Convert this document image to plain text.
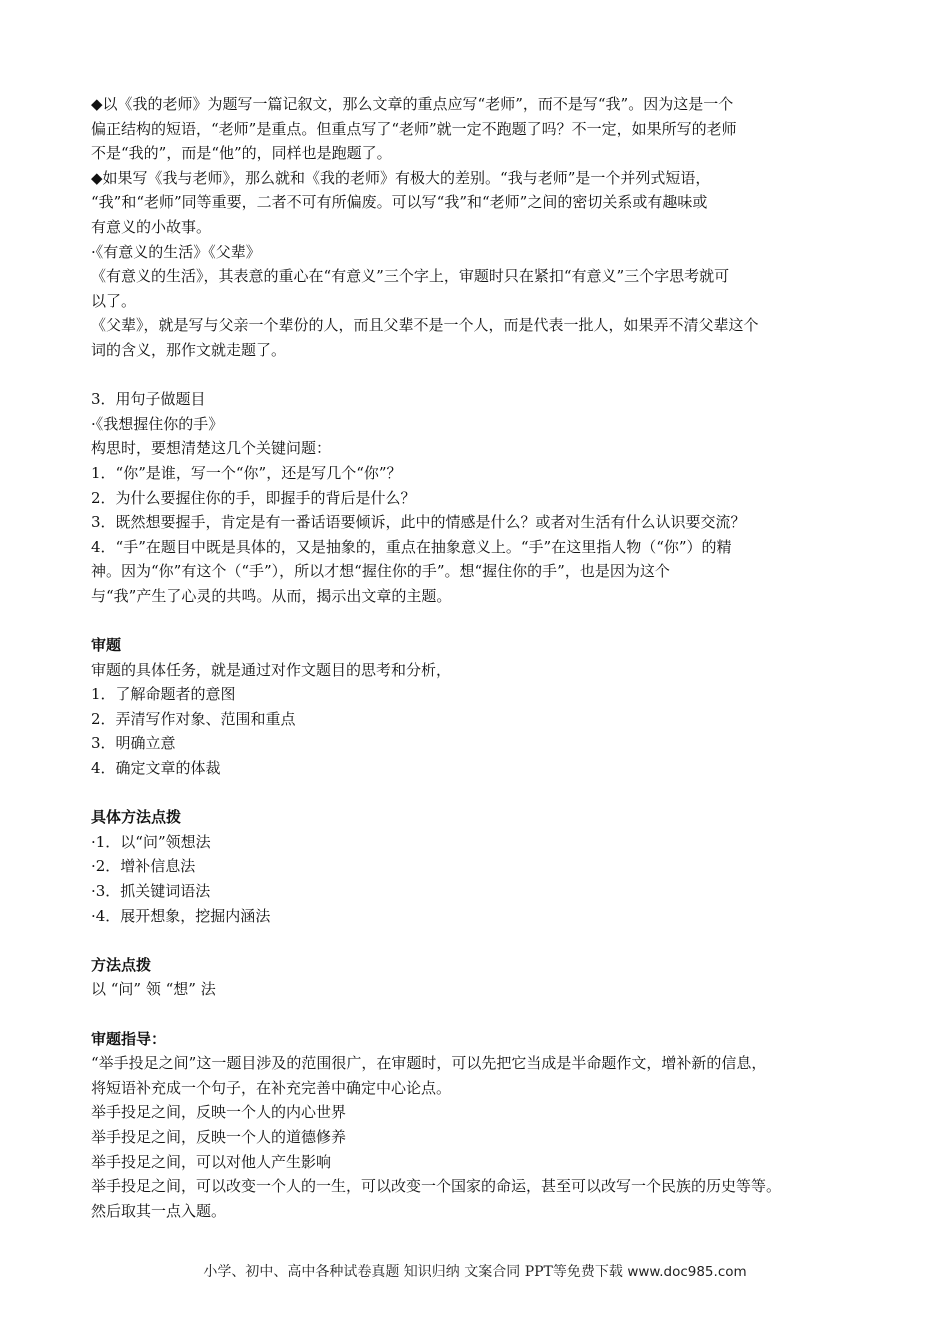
◆以《我的老师》为题写一篇记叙文，那么文章的重点应写“老师”，而不是写“我”。因为这是一个
偏正结构的短语，“老师”是重点。但重点写了“老师”就一定不跑题了吗？不一定，如果所写的老师
不是“我的”，而是“他”的，同样也是跑题了。
◆如果写《我与老师》，那么就和《我的老师》有极大的差别。“我与老师”是一个并列式短语，
“我”和“老师”同等重要，二者不可有所偏废。可以写“我”和“老师”之间的密切关系或有趣味或
有意义的小故事。
·《有意义的生活》《父辈》
《有意义的生活》，其表意的重心在“有意义”三个字上，审题时只在紧扣“有意义”三个字思考就可
以了。
《父辈》，就是写与父亲一个辈份的人，而且父辈不是一个人，而是代表一批人，如果弄不清父辈这个
词的含义，那作文就走题了。
3．用句子做题目
·《我想握住你的手》
构思时，要想清楚这几个关键问题：
1．“你”是谁，写一个“你”，还是写几个“你”？
2．为什么要握住你的手，即握手的背后是什么？
3．既然想要握手，肯定是有一番话语要倾诉，此中的情感是什么？或者对生活有什么认识要交流？
4．“手”在题目中既是具体的，又是抽象的，重点在抽象意义上。“手”在这里指人物（“你”）的精
神。因为“你”有这个（“手”），所以才想“握住你的手”。想“握住你的手”，也是因为这个
与“我”产生了心灵的共鸣。从而，揭示出文章的主题。
审题
审题的具体任务，就是通过对作文题目的思考和分析，
1．了解命题者的意图
2．弄清写作对象、范围和重点
3．明确立意
4．确定文章的体裁
具体方法点拨
·1．以“问”领想法
·2．增补信息法
·3．抓关键词语法
·4．展开想象，挖掘内涵法
方法点拨
以 “问” 领 “想” 法
审题指导：
“举手投足之间”这一题目涉及的范围很广，在审题时，可以先把它当成是半命题作文，增补新的信息，
将短语补充成一个句子，在补充完善中确定中心论点。
举手投足之间，反映一个人的内心世界
举手投足之间，反映一个人的道德修养
举手投足之间，可以对他人产生影响
举手投足之间，可以改变一个人的一生，可以改变一个国家的命运，甚至可以改写一个民族的历史等等。
然后取其一点入题。
小学、初中、高中各种试卷真题 知识归纳 文案合同 PPT等免费下载 www.doc985.com
